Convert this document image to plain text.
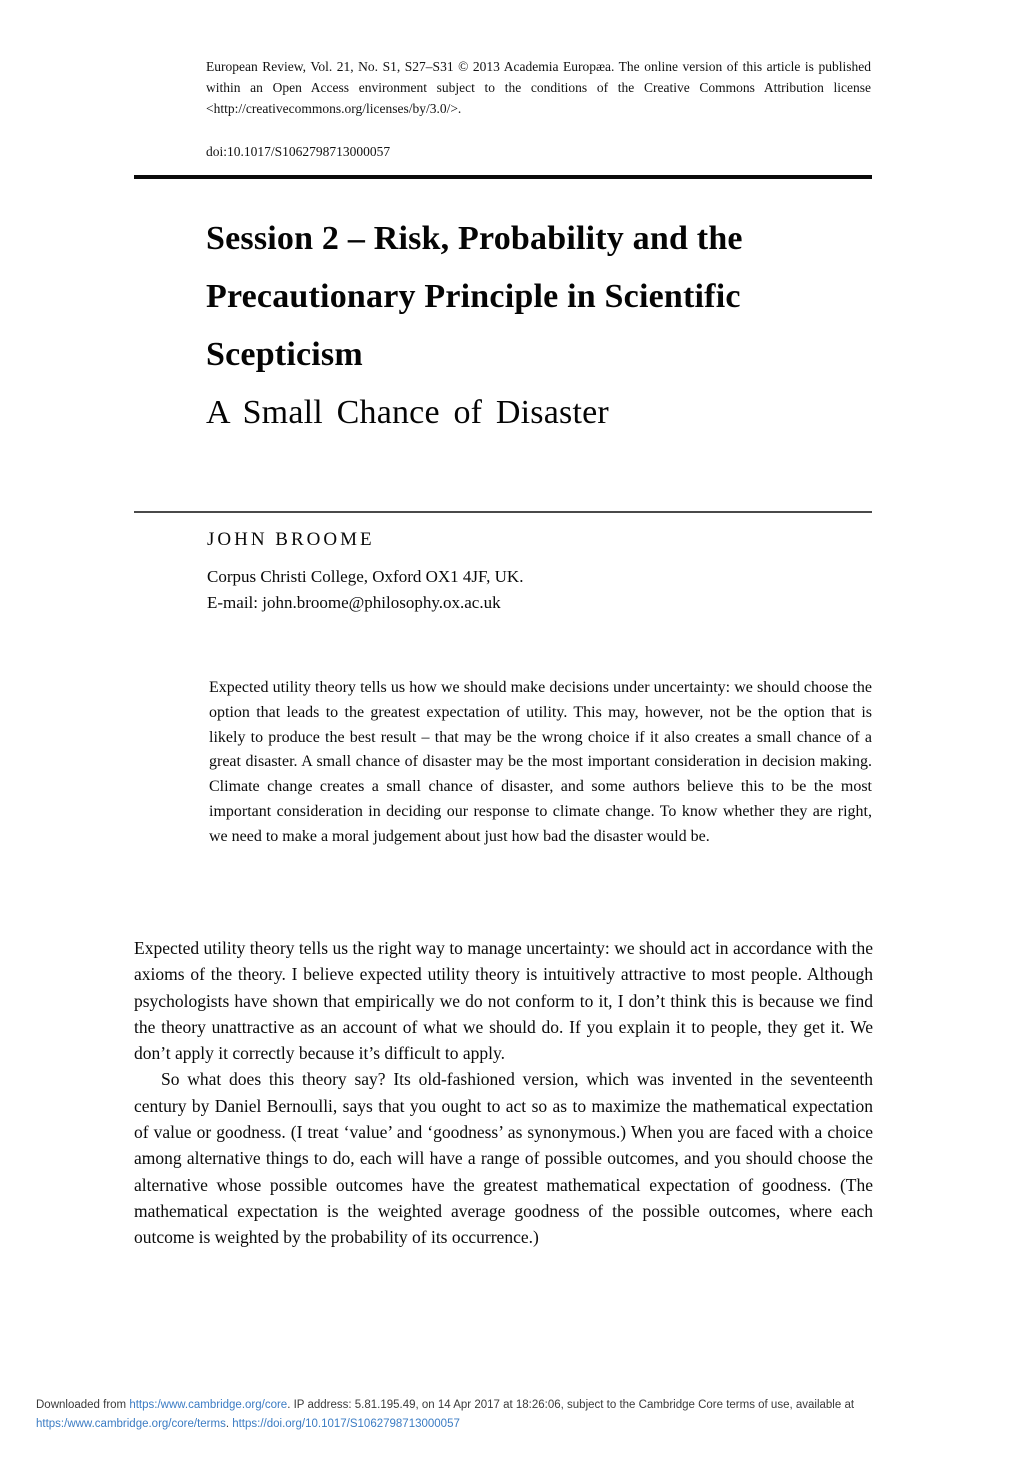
European Review, Vol. 21, No. S1, S27–S31 © 2013 Academia Europæa. The online version of this article is published within an Open Access environment subject to the conditions of the Creative Commons Attribution license <http://creativecommons.org/licenses/by/3.0/>.
doi:10.1017/S1062798713000057
Session 2 – Risk, Probability and the
Precautionary Principle in Scientific
Scepticism
A Small Chance of Disaster
JOHN BROOME
Corpus Christi College, Oxford OX1 4JF, UK.
E-mail: john.broome@philosophy.ox.ac.uk
Expected utility theory tells us how we should make decisions under uncertainty: we should choose the option that leads to the greatest expectation of utility. This may, however, not be the option that is likely to produce the best result – that may be the wrong choice if it also creates a small chance of a great disaster. A small chance of disaster may be the most important consideration in decision making. Climate change creates a small chance of disaster, and some authors believe this to be the most important consideration in deciding our response to climate change. To know whether they are right, we need to make a moral judgement about just how bad the disaster would be.

Expected utility theory tells us the right way to manage uncertainty: we should act in accordance with the axioms of the theory. I believe expected utility theory is intuitively attractive to most people. Although psychologists have shown that empirically we do not conform to it, I don’t think this is because we find the theory unattractive as an account of what we should do. If you explain it to people, they get it. We don’t apply it correctly because it’s difficult to apply.

So what does this theory say? Its old-fashioned version, which was invented in the seventeenth century by Daniel Bernoulli, says that you ought to act so as to maximize the mathematical expectation of value or goodness. (I treat ‘value’ and ‘goodness’ as synonymous.) When you are faced with a choice among alternative things to do, each will have a range of possible outcomes, and you should choose the alternative whose possible outcomes have the greatest mathematical expectation of goodness. (The mathematical expectation is the weighted average goodness of the possible outcomes, where each outcome is weighted by the probability of its occurrence.)

Downloaded from https:/www.cambridge.org/core. IP address: 5.81.195.49, on 14 Apr 2017 at 18:26:06, subject to the Cambridge Core terms of use, available at
https:/www.cambridge.org/core/terms. https://doi.org/10.1017/S1062798713000057
